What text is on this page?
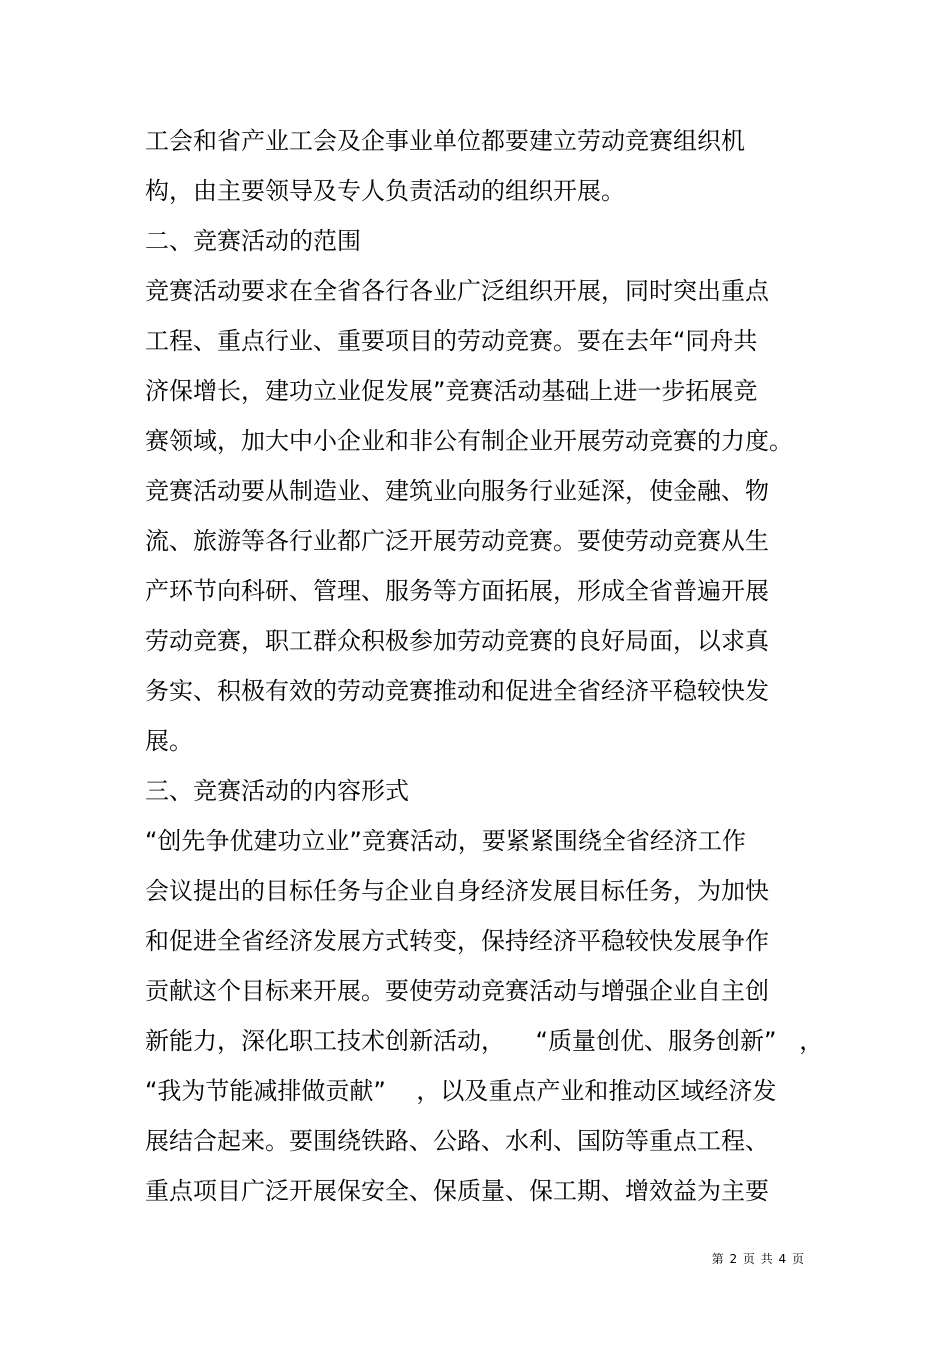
工会和省产业工会及企事业单位都要建立劳动竞赛组织机
构，由主要领导及专人负责活动的组织开展。
二、竞赛活动的范围
竞赛活动要求在全省各行各业广泛组织开展，同时突出重点
工程、重点行业、重要项目的劳动竞赛。要在去年“同舟共
济保增长，建功立业促发展”竞赛活动基础上进一步拓展竞
赛领域，加大中小企业和非公有制企业开展劳动竞赛的力度。
竞赛活动要从制造业、建筑业向服务行业延深，使金融、物
流、旅游等各行业都广泛开展劳动竞赛。要使劳动竞赛从生
产环节向科研、管理、服务等方面拓展，形成全省普遍开展
劳动竞赛，职工群众积极参加劳动竞赛的良好局面，以求真
务实、积极有效的劳动竞赛推动和促进全省经济平稳较快发
展。
三、竞赛活动的内容形式
“创先争优建功立业”竞赛活动，要紧紧围绕全省经济工作
会议提出的目标任务与企业自身经济发展目标任务，为加快
和促进全省经济发展方式转变，保持经济平稳较快发展争作
贡献这个目标来开展。要使劳动竞赛活动与增强企业自主创
新能力，深化职工技术创新活动，    “质量创优、服务创新”   ，
“我为节能减排做贡献”    ，以及重点产业和推动区域经济发
展结合起来。要围绕铁路、公路、水利、国防等重点工程、
重点项目广泛开展保安全、保质量、保工期、增效益为主要
第 2 页 共 4 页
